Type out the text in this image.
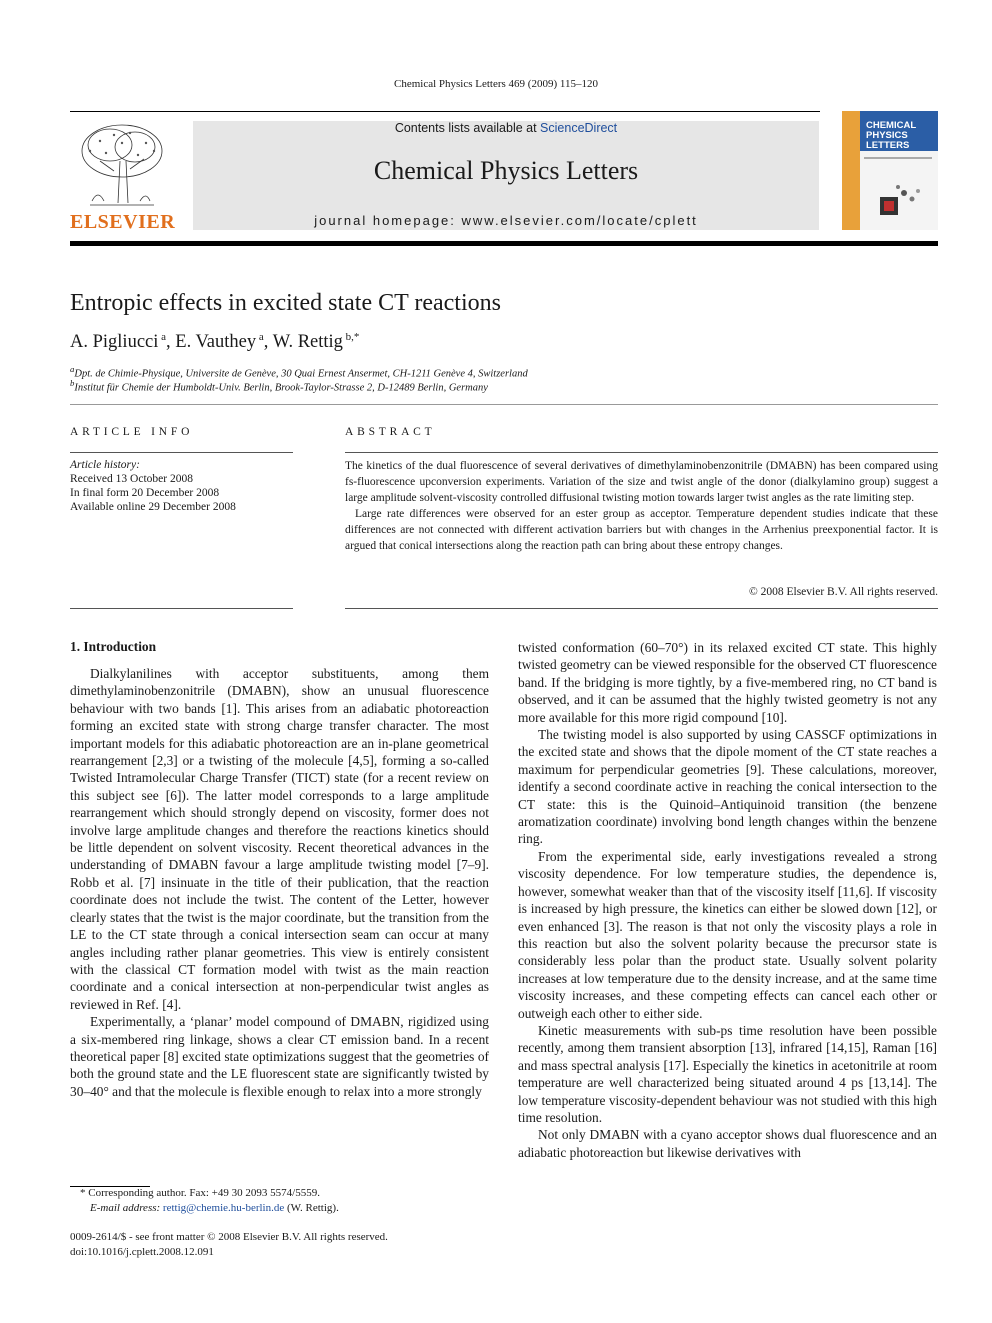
Chemical Physics Letters 469 (2009) 115–120
ELSEVIER
Contents lists available at ScienceDirect
Chemical Physics Letters
journal homepage: www.elsevier.com/locate/cplett
CHEMICAL
PHYSICS
LETTERS
Entropic effects in excited state CT reactions
A. Pigliucci $^a$, E. Vauthey $^a$, W. Rettig $^{b,*}$
$^a$Dpt. de Chimie-Physique, Universite de Genève, 30 Quai Ernest Ansermet, CH-1211 Genève 4, Switzerland
$^b$Institut für Chemie der Humboldt-Univ. Berlin, Brook-Taylor-Strasse 2, D-12489 Berlin, Germany
ARTICLE INFO	ABSTRACT
Article history:
Received 13 October 2008
In final form 20 December 2008
Available online 29 December 2008

The kinetics of the dual fluorescence of several derivatives of dimethylaminobenzonitrile (DMABN) has been compared using fs-fluorescence upconversion experiments. Variation of the size and twist angle of the donor (dialkylamino group) suggest a large amplitude solvent-viscosity controlled diffusional twisting motion towards larger twist angles as the rate limiting step.

Large rate differences were observed for an ester group as acceptor. Temperature dependent studies indicate that these differences are not connected with different activation barriers but with changes in the Arrhenius preexponential factor. It is argued that conical intersections along the reaction path can bring about these entropy changes.

© 2008 Elsevier B.V. All rights reserved.
1. Introduction

Dialkylanilines with acceptor substituents, among them dimethylaminobenzonitrile (DMABN), show an unusual fluorescence behaviour with two bands [1]. This arises from an adiabatic photoreaction forming an excited state with strong charge transfer character. The most important models for this adiabatic photoreaction are an in-plane geometrical rearrangement [2,3] or a twisting of the molecule [4,5], forming a so-called Twisted Intramolecular Charge Transfer (TICT) state (for a recent review on this subject see [6]). The latter model corresponds to a large amplitude rearrangement which should strongly depend on viscosity, former does not involve large amplitude changes and therefore the reactions kinetics should be little dependent on solvent viscosity. Recent theoretical advances in the understanding of DMABN favour a large amplitude twisting model [7–9]. Robb et al. [7] insinuate in the title of their publication, that the reaction coordinate does not include the twist. The content of the Letter, however clearly states that the twist is the major coordinate, but the transition from the LE to the CT state through a conical intersection seam can occur at many angles including rather planar geometries. This view is entirely consistent with the classical CT formation model with twist as the main reaction coordinate and a conical intersection at non-perpendicular twist angles as reviewed in Ref. [4].

Experimentally, a ‘planar’ model compound of DMABN, rigidized using a six-membered ring linkage, shows a clear CT emission band. In a recent theoretical paper [8] excited state optimizations suggest that the geometries of both the ground state and the LE fluorescent state are significantly twisted by 30–40° and that the molecule is flexible enough to relax into a more strongly

twisted conformation (60–70°) in its relaxed excited CT state. This highly twisted geometry can be viewed responsible for the observed CT fluorescence band. If the bridging is more tightly, by a five-membered ring, no CT band is observed, and it can be assumed that the highly twisted geometry is not any more available for this more rigid compound [10].

The twisting model is also supported by using CASSCF optimizations in the excited state and shows that the dipole moment of the CT state reaches a maximum for perpendicular geometries [9]. These calculations, moreover, identify a second coordinate active in reaching the conical intersection to the CT state: this is the Quinoid–Antiquinoid transition (the benzene aromatization coordinate) involving bond length changes within the benzene ring.

From the experimental side, early investigations revealed a strong viscosity dependence. For low temperature studies, the dependence is, however, somewhat weaker than that of the viscosity itself [11,6]. If viscosity is increased by high pressure, the kinetics can either be slowed down [12], or even enhanced [3]. The reason is that not only the viscosity plays a role in this reaction but also the solvent polarity because the precursor state is considerably less polar than the product state. Usually solvent polarity increases at low temperature due to the density increase, and at the same time viscosity increases, and these competing effects can cancel each other or outweigh each other to either side.

Kinetic measurements with sub-ps time resolution have been possible recently, among them transient absorption [13], infrared [14,15], Raman [16] and mass spectral analysis [17]. Especially the kinetics in acetonitrile at room temperature are well characterized being situated around 4 ps [13,14]. The low temperature viscosity-dependent behaviour was not studied with this high time resolution.

Not only DMABN with a cyano acceptor shows dual fluorescence and an adiabatic photoreaction but likewise derivatives with

* Corresponding author. Fax: +49 30 2093 5574/5559.
E-mail address: rettig@chemie.hu-berlin.de (W. Rettig).
0009-2614/$ - see front matter © 2008 Elsevier B.V. All rights reserved.
doi:10.1016/j.cplett.2008.12.091
